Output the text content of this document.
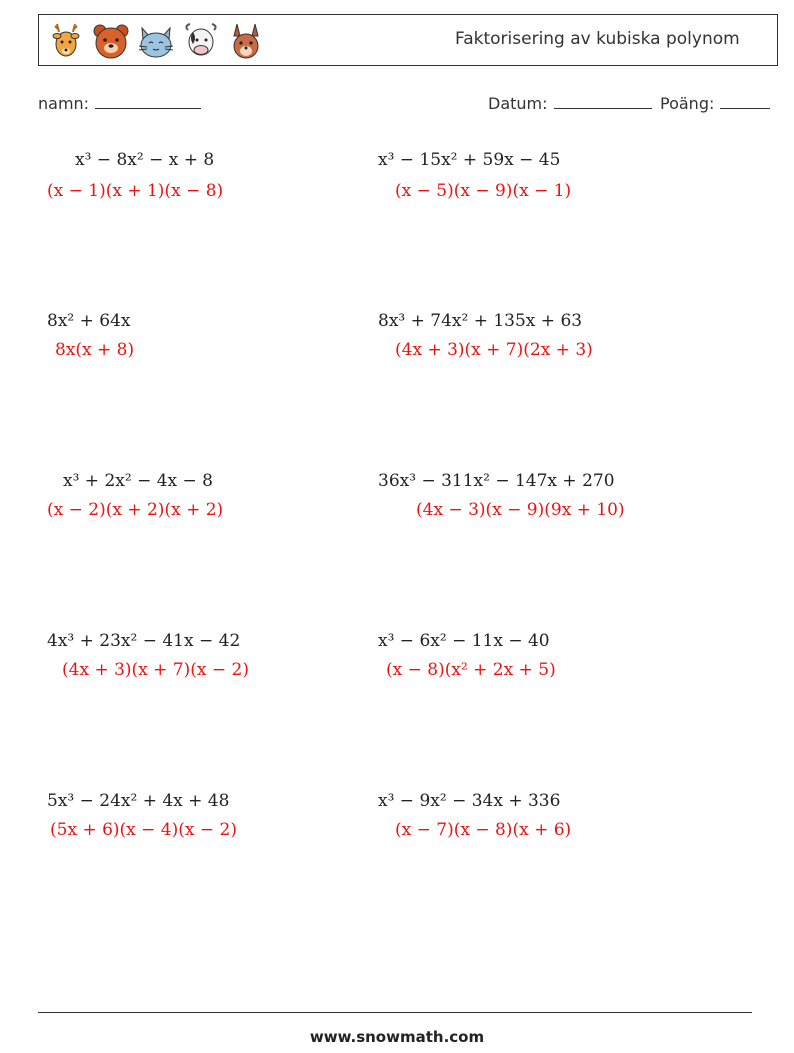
Faktorisering av kubiska polynom
namn:	Datum:	Poäng:
x³ − 8x² − x + 8
(x − 1)(x + 1)(x − 8)
x³ − 15x² + 59x − 45
(x − 5)(x − 9)(x − 1)
8x² + 64x
8x(x + 8)
8x³ + 74x² + 135x + 63
(4x + 3)(x + 7)(2x + 3)
x³ + 2x² − 4x − 8
(x − 2)(x + 2)(x + 2)
36x³ − 311x² − 147x + 270
(4x − 3)(x − 9)(9x + 10)
4x³ + 23x² − 41x − 42
(4x + 3)(x + 7)(x − 2)
x³ − 6x² − 11x − 40
(x − 8)(x² + 2x + 5)
5x³ − 24x² + 4x + 48
(5x + 6)(x − 4)(x − 2)
x³ − 9x² − 34x + 336
(x − 7)(x − 8)(x + 6)
www.snowmath.com
